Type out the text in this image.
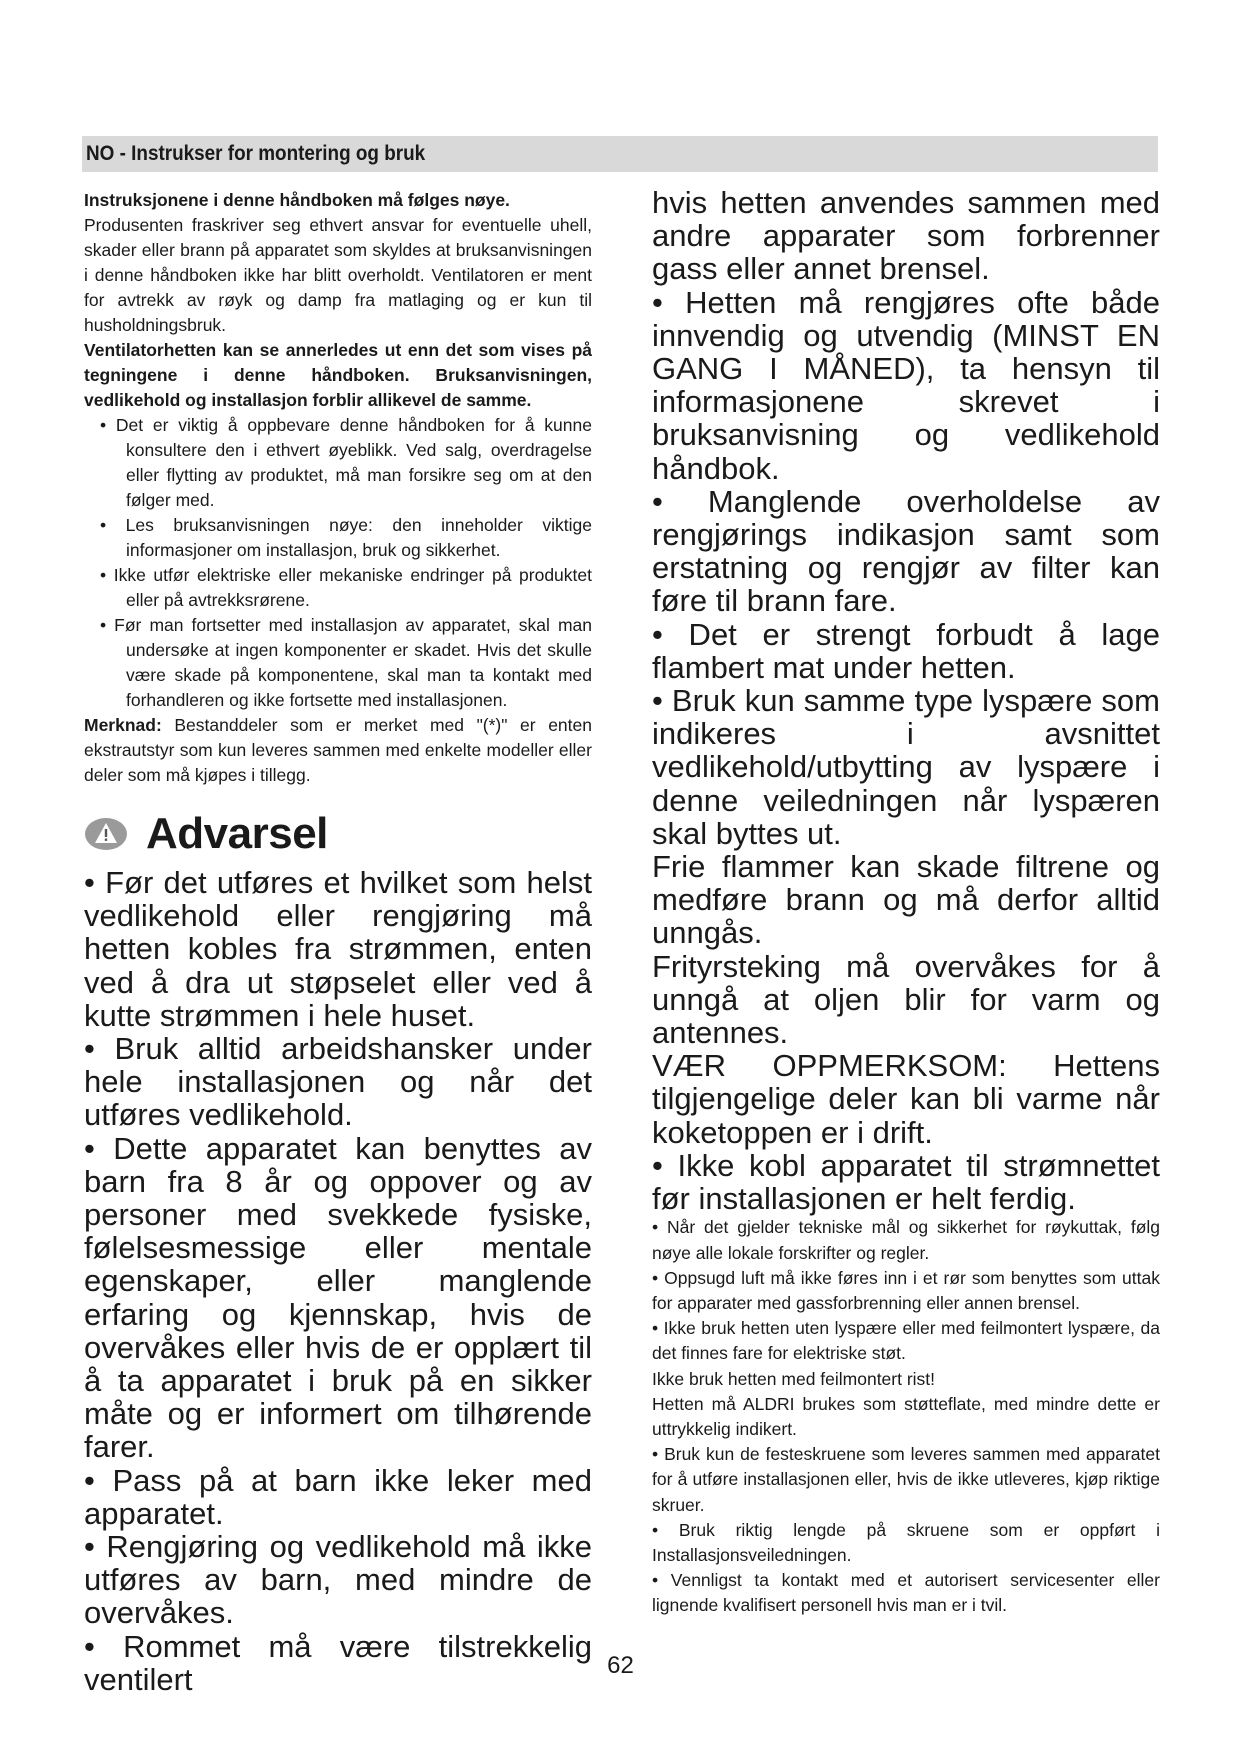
NO - Instrukser for montering og bruk

Instruksjonene i denne håndboken må følges nøye.

Produsenten fraskriver seg ethvert ansvar for eventuelle uhell, skader eller brann på apparatet som skyldes at bruksanvisningen i denne håndboken ikke har blitt overholdt. Ventilatoren er ment for avtrekk av røyk og damp fra matlaging og er kun til husholdningsbruk.

Ventilatorhetten kan se annerledes ut enn det som vises på tegningene i denne håndboken. Bruksanvisningen, vedlikehold og installasjon forblir allikevel de samme.

• Det er viktig å oppbevare denne håndboken for å kunne konsultere den i ethvert øyeblikk. Ved salg, overdragelse eller flytting av produktet, må man forsikre seg om at den følger med.

• Les bruksanvisningen nøye: den inneholder viktige informasjoner om installasjon, bruk og sikkerhet.

• Ikke utfør elektriske eller mekaniske endringer på produktet eller på avtrekksrørene.

• Før man fortsetter med installasjon av apparatet, skal man undersøke at ingen komponenter er skadet. Hvis det skulle være skade på komponentene, skal man ta kontakt med forhandleren og ikke fortsette med installasjonen.

Merknad: Bestanddeler som er merket med "(*)" er enten ekstrautstyr som kun leveres sammen med enkelte modeller eller deler som må kjøpes i tillegg.

Advarsel

• Før det utføres et hvilket som helst vedlikehold eller rengjøring må hetten kobles fra strømmen, enten ved å dra ut støpselet eller ved å kutte strømmen i hele huset.

• Bruk alltid arbeidshansker under hele installasjonen og når det utføres vedlikehold.

• Dette apparatet kan benyttes av barn fra 8 år og oppover og av personer med svekkede fysiske, følelsesmessige eller mentale egenskaper, eller manglende erfaring og kjennskap, hvis de overvåkes eller hvis de er opplært til å ta apparatet i bruk på en sikker måte og er informert om tilhørende farer.

• Pass på at barn ikke leker med apparatet.

• Rengjøring og vedlikehold må ikke utføres av barn, med mindre de overvåkes.

• Rommet må være tilstrekkelig ventilert

hvis hetten anvendes sammen med andre apparater som forbrenner gass eller annet brensel.

• Hetten må rengjøres ofte både innvendig og utvendig (MINST EN GANG I MÅNED), ta hensyn til informasjonene skrevet i bruksanvisning og vedlikehold håndbok.

• Manglende overholdelse av rengjørings indikasjon samt som erstatning og rengjør av filter kan føre til brann fare.

• Det er strengt forbudt å lage flambert mat under hetten.

• Bruk kun samme type lyspære som indikeres i avsnittet vedlikehold/utbytting av lyspære i denne veiledningen når lyspæren skal byttes ut.

Frie flammer kan skade filtrene og medføre brann og må derfor alltid unngås.

Frityrsteking må overvåkes for å unngå at oljen blir for varm og antennes.

VÆR OPPMERKSOM: Hettens tilgjengelige deler kan bli varme når koketoppen er i drift.

• Ikke kobl apparatet til strømnettet før installasjonen er helt ferdig.

• Når det gjelder tekniske mål og sikkerhet for røykuttak, følg nøye alle lokale forskrifter og regler.

• Oppsugd luft må ikke føres inn i et rør som benyttes som uttak for apparater med gassforbrenning eller annen brensel.

• Ikke bruk hetten uten lyspære eller med feilmontert lyspære, da det finnes fare for elektriske støt.

Ikke bruk hetten med feilmontert rist!

Hetten må ALDRI brukes som støtteflate, med mindre dette er uttrykkelig indikert.

• Bruk kun de festeskruene som leveres sammen med apparatet for å utføre installasjonen eller, hvis de ikke utleveres, kjøp riktige skruer.

• Bruk riktig lengde på skruene som er oppført i Installasjonsveiledningen.

• Vennligst ta kontakt med et autorisert servicesenter eller lignende kvalifisert personell hvis man er i tvil.

62
